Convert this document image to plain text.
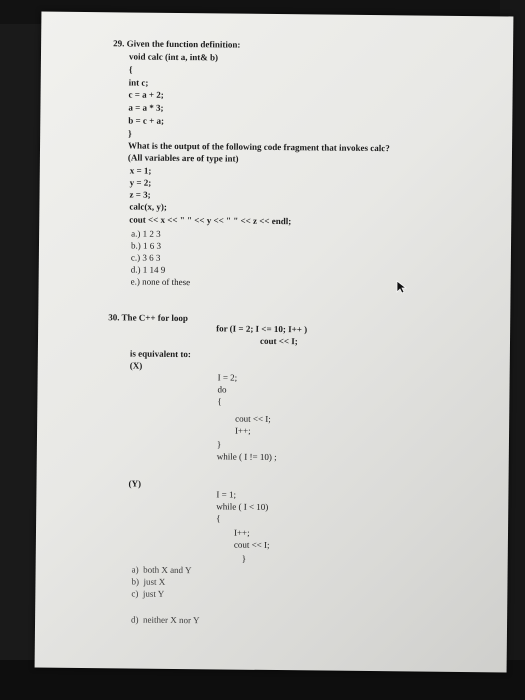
29. Given the function definition:
void calc (int a, int& b)
{
int c;
c = a + 2;
a = a * 3;
b = c + a;
}
What is the output of the following code fragment that invokes calc?
(All variables are of type int)
x = 1;
y = 2;
z = 3;
calc(x, y);
cout << x << " " << y << " " << z << endl;
a.) 1 2 3
b.) 1 6 3
c.) 3 6 3
d.) 1 14 9
e.) none of these
30. The C++ for loop
for (I = 2; I <= 10; I++ )
cout << I;
is equivalent to:
(X)
I = 2;
do
{
cout << I;
I++;
}
while ( I != 10) ;
(Y)
I = 1;
while ( I < 10)
{
I++;
cout << I;
}
a)  both X and Y
b)  just X
c)  just Y
d)  neither X nor Y
